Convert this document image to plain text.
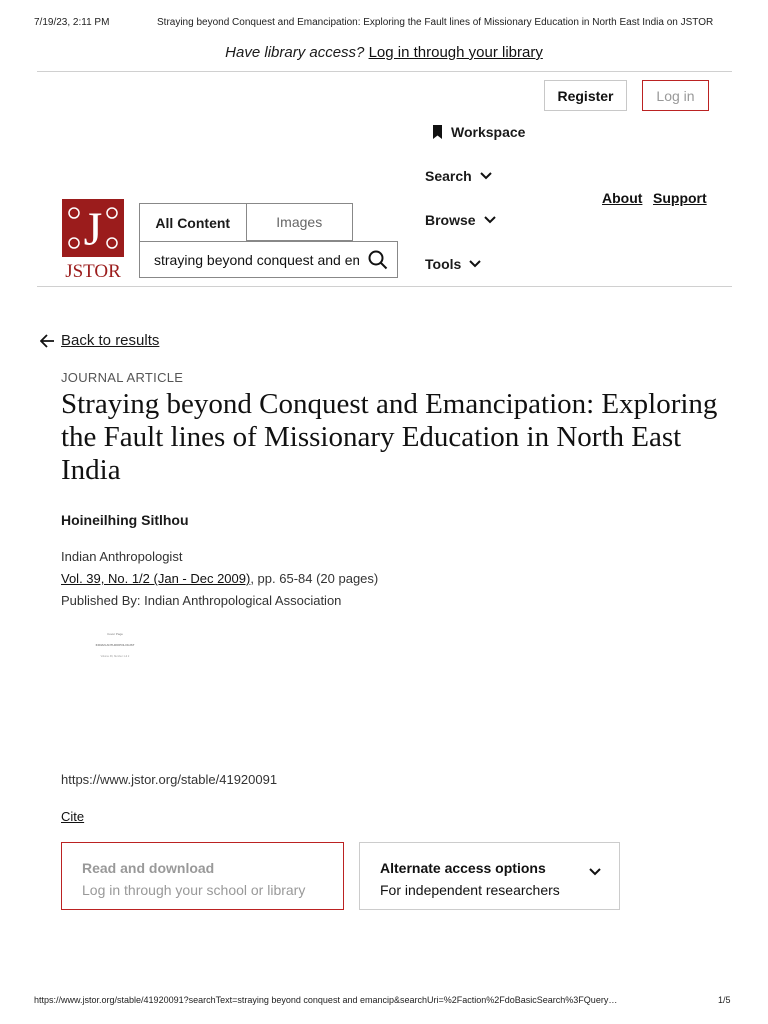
7/19/23, 2:11 PM	Straying beyond Conquest and Emancipation: Exploring the Fault lines of Missionary Education in North East India on JSTOR
Have library access? Log in through your library
Register	Log in
Workspace
Search
Browse
Tools
About Support
J
JSTOR
All Content	Images
straying beyond conquest and emancip
Back to results
JOURNAL ARTICLE
Straying beyond Conquest and Emancipation: Exploring the Fault lines of Missionary Education in North East India
Hoineilhing Sitlhou
Indian Anthropologist
Vol. 39, No. 1/2 (Jan - Dec 2009), pp. 65-84 (20 pages)
Published By: Indian Anthropological Association
Cover Page
INDIAN ANTHROPOLOGIST
Volume 39, Number 1 & 2
https://www.jstor.org/stable/41920091
Cite
Read and download
Log in through your school or library
Alternate access options
For independent researchers
https://www.jstor.org/stable/41920091?searchText=straying beyond conquest and emancip&searchUri=%2Faction%2FdoBasicSearch%3FQuery…	1/5
